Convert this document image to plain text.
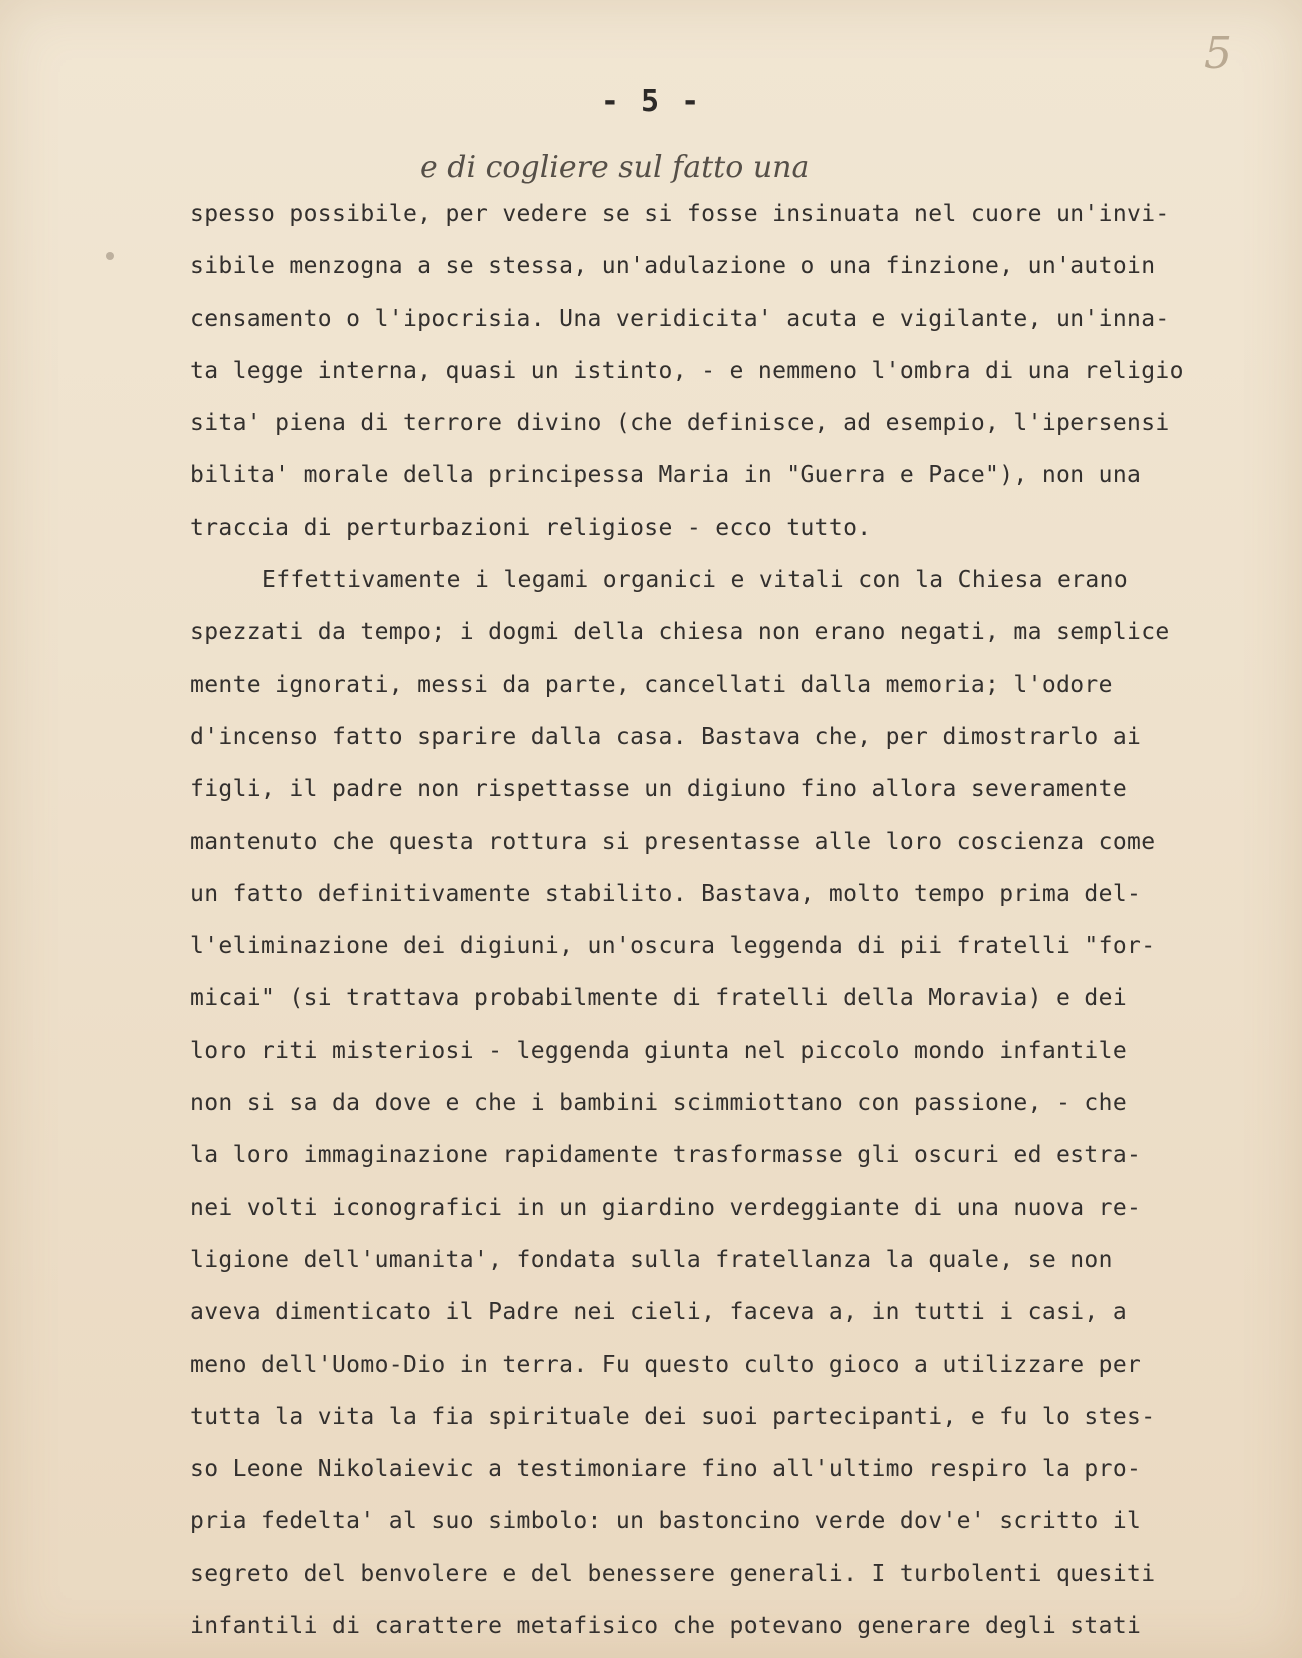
5
- 5 -
e di cogliere sul fatto una
spesso possibile, per vedere se si fosse insinuata nel cuore un'invi-
sibile menzogna a se stessa, un'adulazione o una finzione, un'autoin
censamento o l'ipocrisia. Una veridicita' acuta e vigilante, un'inna-
ta legge interna, quasi un istinto, - e nemmeno l'ombra di una religio
sita' piena di terrore divino (che definisce, ad esempio, l'ipersensi
bilita' morale della principessa Maria in "Guerra e Pace"), non una
traccia di perturbazioni religiose - ecco tutto.
Effettivamente i legami organici e vitali con la Chiesa erano
spezzati da tempo; i dogmi della chiesa non erano negati, ma semplice
mente ignorati, messi da parte, cancellati dalla memoria; l'odore
d'incenso fatto sparire dalla casa. Bastava che, per dimostrarlo ai
figli, il padre non rispettasse un digiuno fino allora severamente
mantenuto che questa rottura si presentasse alle loro coscienza come
un fatto definitivamente stabilito. Bastava, molto tempo prima del-
l'eliminazione dei digiuni, un'oscura leggenda di pii fratelli "for-
micai" (si trattava probabilmente di fratelli della Moravia) e dei
loro riti misteriosi - leggenda giunta nel piccolo mondo infantile
non si sa da dove e che i bambini scimmiottano con passione, - che
la loro immaginazione rapidamente trasformasse gli oscuri ed estra-
nei volti iconografici in un giardino verdeggiante di una nuova re-
ligione dell'umanita', fondata sulla fratellanza la quale, se non
aveva dimenticato il Padre nei cieli, faceva a, in tutti i casi, a
meno dell'Uomo-Dio in terra. Fu questo culto gioco a utilizzare per
tutta la vita la fia spirituale dei suoi partecipanti, e fu lo stes-
so Leone Nikolaievic a testimoniare fino all'ultimo respiro la pro-
pria fedelta' al suo simbolo: un bastoncino verde dov'e' scritto il
segreto del benvolere e del benessere generali. I turbolenti quesiti
infantili di carattere metafisico che potevano generare degli stati
